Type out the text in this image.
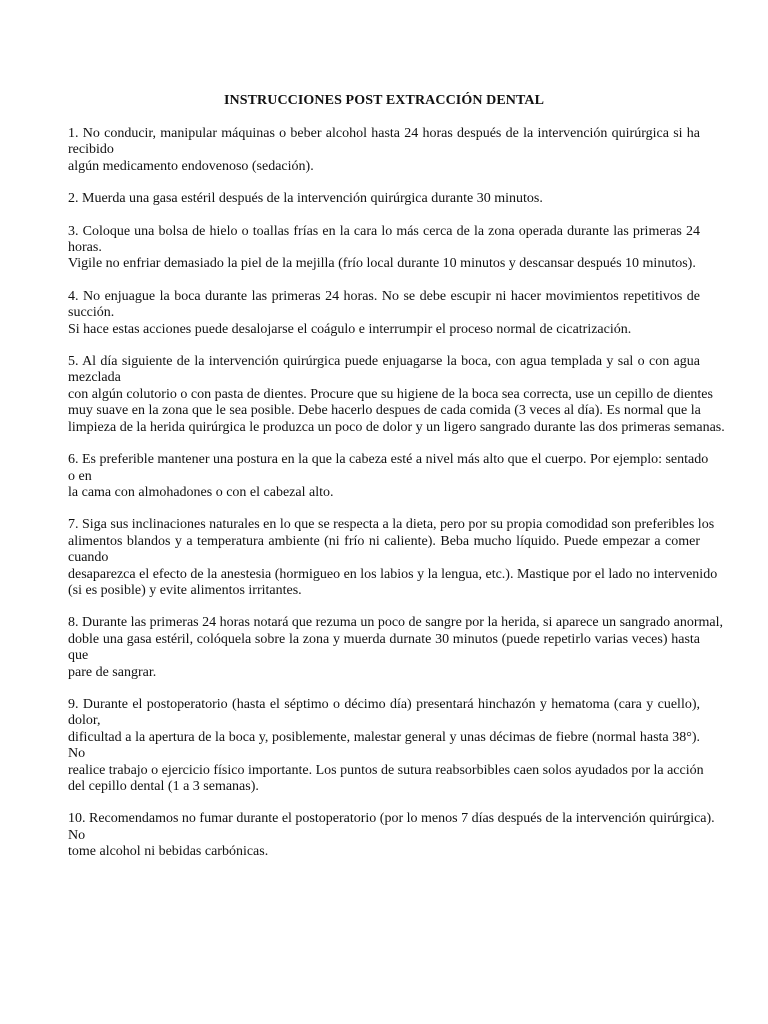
INSTRUCCIONES POST EXTRACCIÓN DENTAL
1. No conducir, manipular máquinas o beber alcohol hasta 24 horas después de la intervención quirúrgica si ha
recibido
algún medicamento endovenoso (sedación).
2. Muerda una gasa estéril después de la intervención quirúrgica durante 30 minutos.
3. Coloque una bolsa de hielo o toallas frías en la cara lo más cerca de la zona operada durante las primeras 24
horas.
Vigile no enfriar demasiado la piel de la mejilla (frío local durante 10 minutos y descansar después 10 minutos).
4. No enjuague la boca durante las primeras 24 horas. No se debe escupir ni hacer movimientos repetitivos de
succión.
Si hace estas acciones puede desalojarse el coágulo e interrumpir el proceso normal de cicatrización.
5. Al día siguiente de la intervención quirúrgica puede enjuagarse la boca, con agua templada y sal o con agua
mezclada
con algún colutorio o con pasta de dientes. Procure que su higiene de la boca sea correcta, use un cepillo de dientes
muy suave en la zona que le sea posible. Debe hacerlo despues de cada comida (3 veces al día). Es normal que la
limpieza de la herida quirúrgica le produzca un poco de dolor y un ligero sangrado durante las dos primeras semanas.
6. Es preferible mantener una postura en la que la cabeza esté a nivel más alto que el cuerpo. Por ejemplo: sentado
o en
la cama con almohadones o con el cabezal alto.
7. Siga sus inclinaciones naturales en lo que se respecta a la dieta, pero por su propia comodidad son preferibles los
alimentos blandos y a temperatura ambiente (ni frío ni caliente). Beba mucho líquido. Puede empezar a comer
cuando
desaparezca el efecto de la anestesia (hormigueo en los labios y la lengua, etc.). Mastique por el lado no intervenido
(si es posible) y evite alimentos irritantes.
8. Durante las primeras 24 horas notará que rezuma un poco de sangre por la herida, si aparece un sangrado anormal,
doble una gasa estéril, colóquela sobre la zona y muerda durnate 30 minutos (puede repetirlo varias veces) hasta
que
pare de sangrar.
9. Durante el postoperatorio (hasta el séptimo o décimo día) presentará hinchazón y hematoma (cara y cuello),
dolor,
dificultad a la apertura de la boca y, posiblemente, malestar general y unas décimas de fiebre (normal hasta 38°).
No
realice trabajo o ejercicio físico importante. Los puntos de sutura reabsorbibles caen solos ayudados por la acción
del cepillo dental (1 a 3 semanas).
10. Recomendamos no fumar durante el postoperatorio (por lo menos 7 días después de la intervención quirúrgica).
No
tome alcohol ni bebidas carbónicas.
